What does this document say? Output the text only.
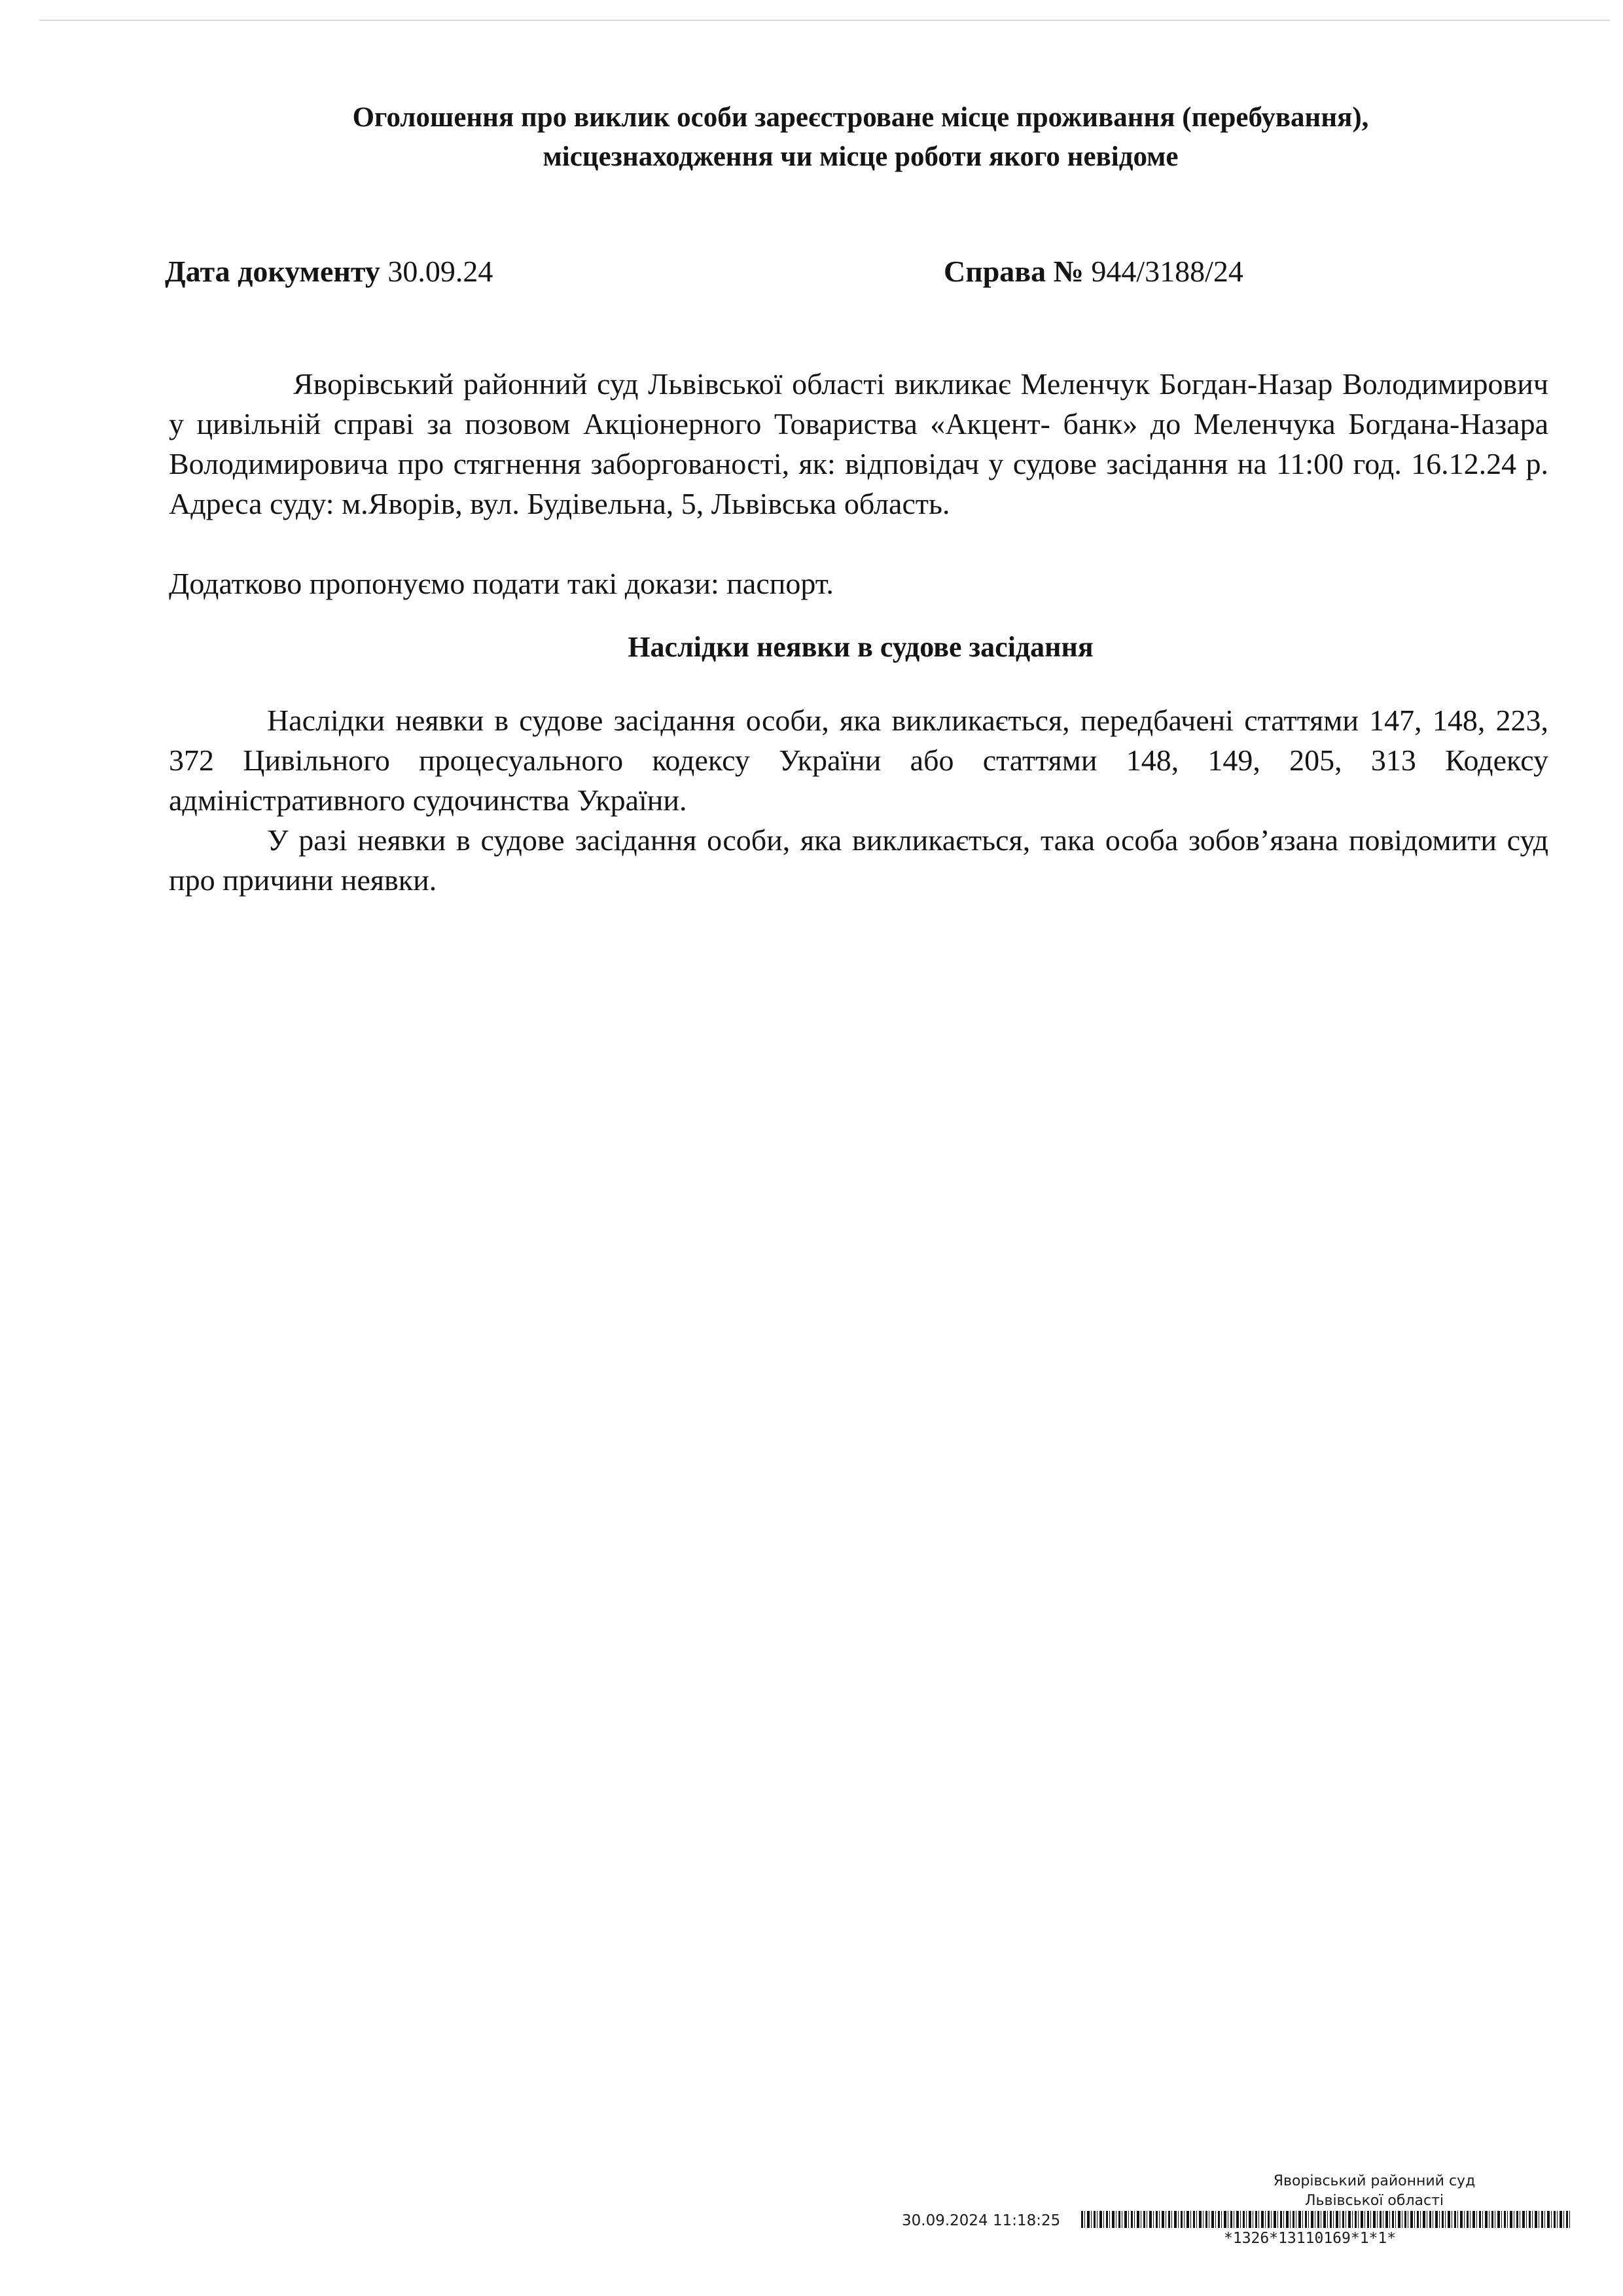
Оголошення про виклик особи зареєстроване місце проживання (перебування),
місцезнаходження чи місце роботи якого невідоме
Дата документу 30.09.24	Справа № 944/3188/24

Яворівський районний суд Львівської області викликає Меленчук Богдан-Назар Володимирович у цивільній справі за позовом Акціонерного Товариства «Акцент- банк» до Меленчука Богдана-Назара Володимировича про стягнення заборгованості, як: відповідач у судове засідання на 11:00 год. 16.12.24 р. Адреса суду: м.Яворів, вул. Будівельна, 5, Львівська область.

Додатково пропонуємо подати такі докази: паспорт.

Наслідки неявки в судове засідання

Наслідки неявки в судове засідання особи, яка викликається, передбачені статтями 147, 148, 223, 372 Цивільного процесуального кодексу України або статтями 148, 149, 205, 313 Кодексу адміністративного судочинства України.

У разі неявки в судове засідання особи, яка викликається, така особа зобов’язана повідомити суд про причини неявки.

Яворівський районний суд
Львівської області
30.09.2024 11:18:25
*1326*13110169*1*1*
